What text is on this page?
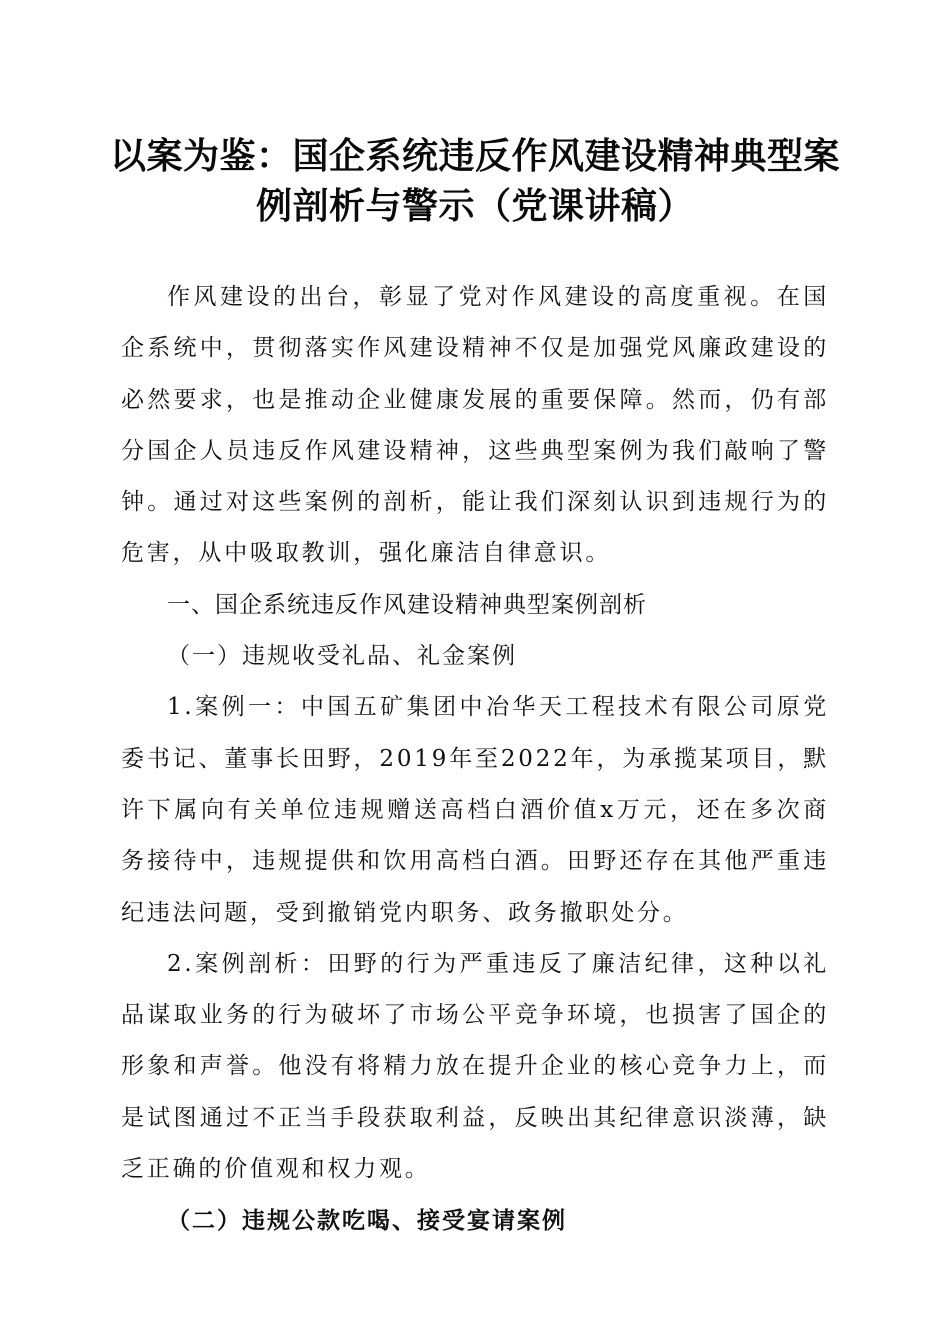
以案为鉴：国企系统违反作风建设精神典型案
例剖析与警示（党课讲稿）

作风建设的出台，彰显了党对作风建设的高度重视。在国企系统中，贯彻落实作风建设精神不仅是加强党风廉政建设的必然要求，也是推动企业健康发展的重要保障。然而，仍有部分国企人员违反作风建设精神，这些典型案例为我们敲响了警钟。通过对这些案例的剖析，能让我们深刻认识到违规行为的危害，从中吸取教训，强化廉洁自律意识。

一、国企系统违反作风建设精神典型案例剖析

（一）违规收受礼品、礼金案例

1.案例一：中国五矿集团中冶华天工程技术有限公司原党委书记、董事长田野，2019年至2022年，为承揽某项目，默许下属向有关单位违规赠送高档白酒价值x万元，还在多次商务接待中，违规提供和饮用高档白酒。田野还存在其他严重违纪违法问题，受到撤销党内职务、政务撤职处分。

2.案例剖析：田野的行为严重违反了廉洁纪律，这种以礼品谋取业务的行为破坏了市场公平竞争环境，也损害了国企的形象和声誉。他没有将精力放在提升企业的核心竞争力上，而是试图通过不正当手段获取利益，反映出其纪律意识淡薄，缺乏正确的价值观和权力观。

（二）违规公款吃喝、接受宴请案例
